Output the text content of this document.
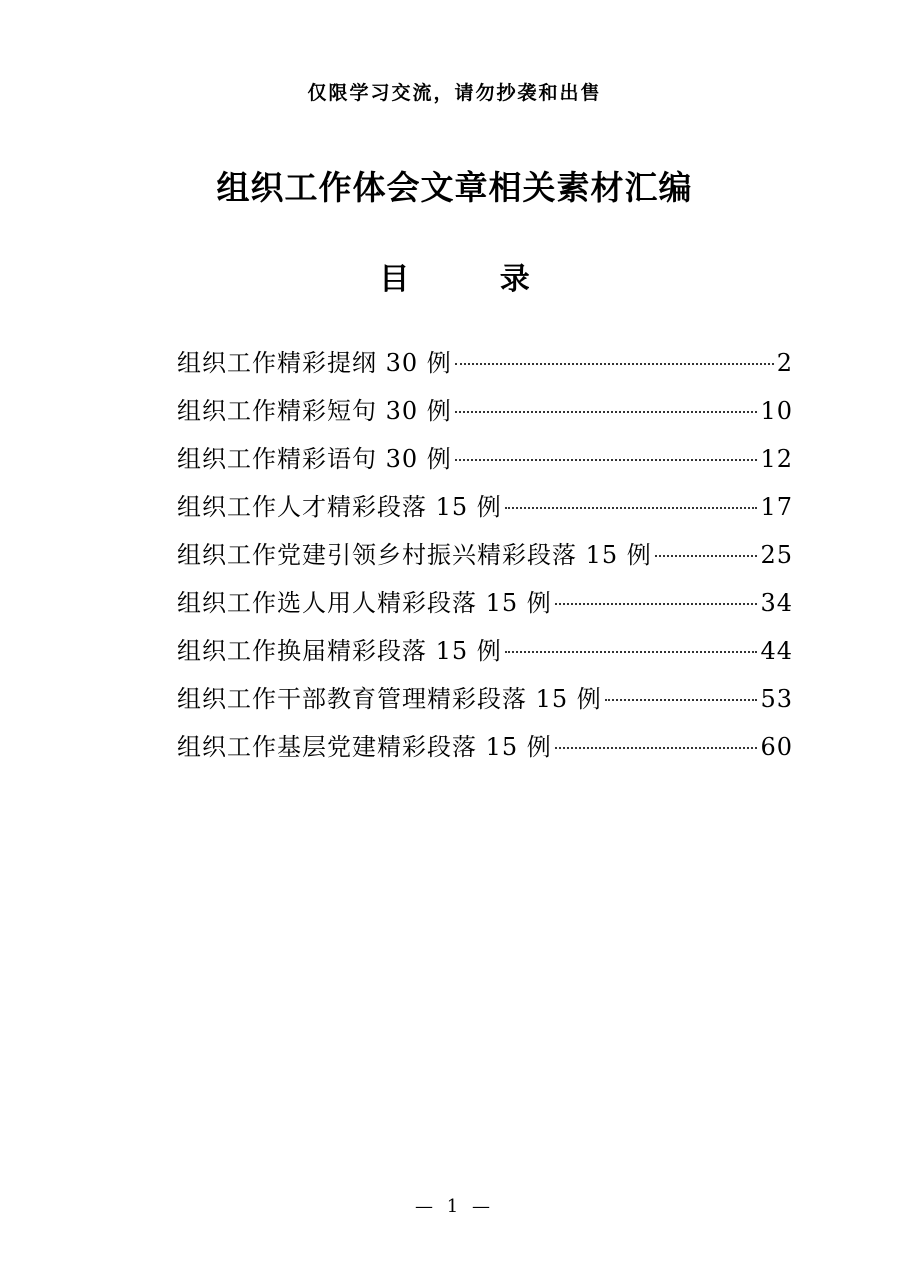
仅限学习交流，请勿抄袭和出售
组织工作体会文章相关素材汇编
目 录
组织工作精彩提纲 30 例	2
组织工作精彩短句 30 例	10
组织工作精彩语句 30 例	12
组织工作人才精彩段落 15 例	17
组织工作党建引领乡村振兴精彩段落 15 例	25
组织工作选人用人精彩段落 15 例	34
组织工作换届精彩段落 15 例	44
组织工作干部教育管理精彩段落 15 例	53
组织工作基层党建精彩段落 15 例	60
— 1 —
